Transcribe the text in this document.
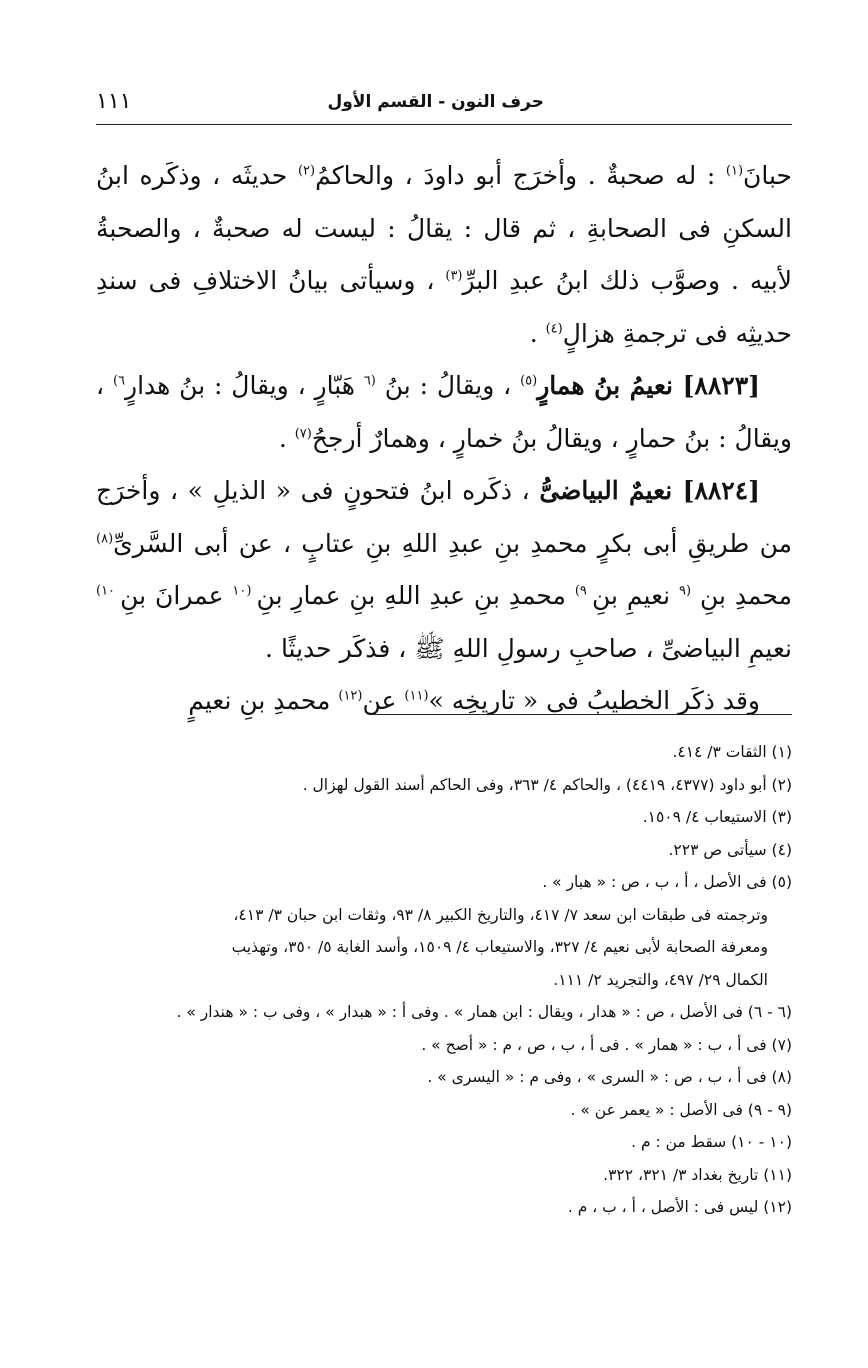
حرف النون - القسم الأول
١١١

حبانَ$^{(١)}$ : له صحبةٌ . وأخرَج أبو داودَ ، والحاكمُ$^{(٢)}$ حديثَه ، وذكَره ابنُ السكنِ فى الصحابةِ ، ثم قال : يقالُ : ليست له صحبةٌ ، والصحبةُ لأبيه . وصوَّب ذلك ابنُ عبدِ البرِّ$^{(٣)}$ ، وسيأتى بيانُ الاختلافِ فى سندِ حديثِه فى ترجمةِ هزالٍ$^{(٤)}$ .

[٨٨٢٣] نعيمُ بنُ همارٍ$^{(٥)}$ ، ويقالُ : بنُ $^{(٦}$ هَبّارٍ ، ويقالُ : بنُ هدارٍ$^{٦)}$ ، ويقالُ : بنُ حمارٍ ، ويقالُ بنُ خمارٍ ، وهمارٌ أرجحُ$^{(٧)}$ .

[٨٨٢٤] نعيمٌ البياضىُّ ، ذكَره ابنُ فتحونٍ فى « الذيلِ » ، وأخرَج من طريقِ أبى بكرٍ محمدِ بنِ عبدِ اللهِ بنِ عتابٍ ، عن أبى السَّرىِّ$^{(٨)}$ محمدِ بنِ $^{(٩}$ نعيمِ بنِ $^{٩)}$ محمدِ بنِ عبدِ اللهِ بنِ عمارِ بنِ $^{(١٠}$ عمرانَ بنِ $^{١٠)}$ نعيمِ البياضىِّ ، صاحبِ رسولِ اللهِ ﷺ ، فذكَر حديثًا .

وقد ذكَر الخطيبُ فى « تاريخِه »$^{(١١)}$ عن$^{(١٢)}$ محمدِ بنِ نعيمٍ

(١) الثقات ٣/ ٤١٤.

(٢) أبو داود (٤٣٧٧، ٤٤١٩) ، والحاكم ٤/ ٣٦٣، وفى الحاكم أسند القول لهزال .

(٣) الاستيعاب ٤/ ١٥٠٩.

(٤) سيأتى ص ٢٢٣.

(٥) فى الأصل ، أ ، ب ، ص : « هبار » .

وترجمته فى طبقات ابن سعد ٧/ ٤١٧، والتاريخ الكبير ٨/ ٩٣، وثقات ابن حبان ٣/ ٤١٣،
ومعرفة الصحابة لأبى نعيم ٤/ ٣٢٧، والاستيعاب ٤/ ١٥٠٩، وأسد الغابة ٥/ ٣٥٠، وتهذيب
الكمال ٢٩/ ٤٩٧، والتجريد ٢/ ١١١.

(٦ - ٦) فى الأصل ، ص : « هدار ، ويقال : ابن همار » . وفى أ : « هبدار » ، وفى ب : « هندار » .

(٧) فى أ ، ب : « همار » . فى أ ، ب ، ص ، م : « أصح » .

(٨) فى أ ، ب ، ص : « السرى » ، وفى م : « اليسرى » .

(٩ - ٩) فى الأصل : « يعمر عن » .

(١٠ - ١٠) سقط من : م .

(١١) تاريخ بغداد ٣/ ٣٢١، ٣٢٢.

(١٢) ليس فى : الأصل ، أ ، ب ، م .
